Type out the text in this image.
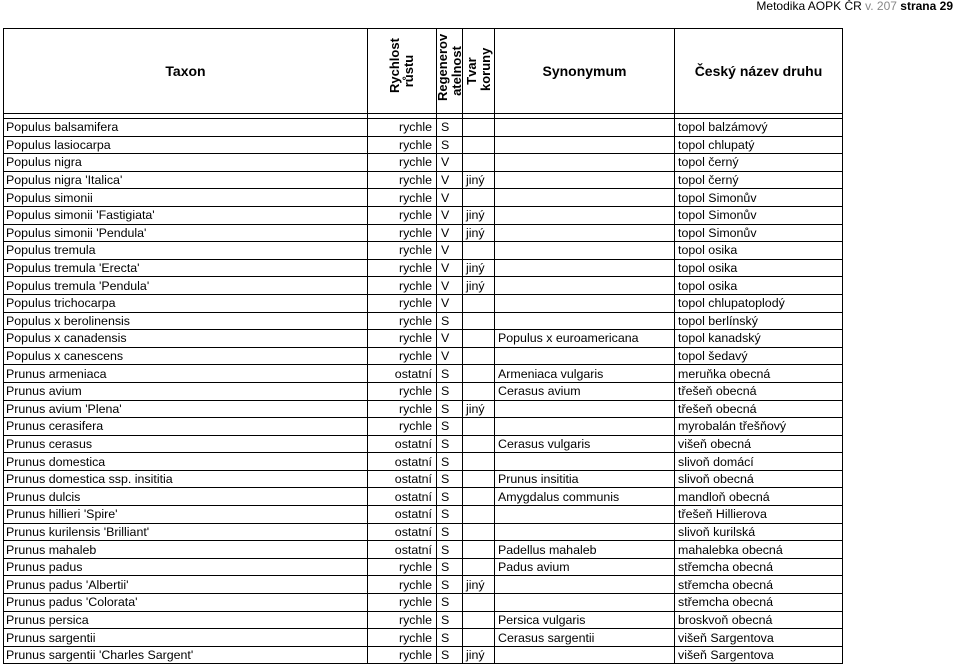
Metodika AOPK ČR v. 207 strana 29
Taxon	Rychlost růstu	Regenerov atelnost	Tvar koruny	Synonymum	Český název druhu

Populus balsamifera	rychle	S			topol balzámový
Populus lasiocarpa	rychle	S			topol chlupatý
Populus nigra	rychle	V			topol černý
Populus nigra 'Italica'	rychle	V	jiný		topol černý
Populus simonii	rychle	V			topol Simonův
Populus simonii 'Fastigiata'	rychle	V	jiný		topol Simonův
Populus simonii 'Pendula'	rychle	V	jiný		topol Simonův
Populus tremula	rychle	V			topol osika
Populus tremula 'Erecta'	rychle	V	jiný		topol osika
Populus tremula 'Pendula'	rychle	V	jiný		topol osika
Populus trichocarpa	rychle	V			topol chlupatoplodý
Populus x berolinensis	rychle	S			topol berlínský
Populus x canadensis	rychle	V		Populus x euroamericana	topol kanadský
Populus x canescens	rychle	V			topol šedavý
Prunus armeniaca	ostatní	S		Armeniaca vulgaris	meruňka obecná
Prunus avium	rychle	S		Cerasus avium	třešeň obecná
Prunus avium 'Plena'	rychle	S	jiný		třešeň obecná
Prunus cerasifera	rychle	S			myrobalán třešňový
Prunus cerasus	ostatní	S		Cerasus vulgaris	višeň obecná
Prunus domestica	ostatní	S			slivoň domácí
Prunus domestica ssp. insititia	ostatní	S		Prunus insititia	slivoň obecná
Prunus dulcis	ostatní	S		Amygdalus communis	mandloň obecná
Prunus hillieri 'Spire'	ostatní	S			třešeň Hillierova
Prunus kurilensis 'Brilliant'	ostatní	S			slivoň kurilská
Prunus mahaleb	ostatní	S		Padellus mahaleb	mahalebka obecná
Prunus padus	rychle	S		Padus avium	střemcha obecná
Prunus padus 'Albertii'	rychle	S	jiný		střemcha obecná
Prunus padus 'Colorata'	rychle	S			střemcha obecná
Prunus persica	rychle	S		Persica vulgaris	broskvoň obecná
Prunus sargentii	rychle	S		Cerasus sargentii	višeň Sargentova
Prunus sargentii 'Charles Sargent'	rychle	S	jiný		višeň Sargentova
